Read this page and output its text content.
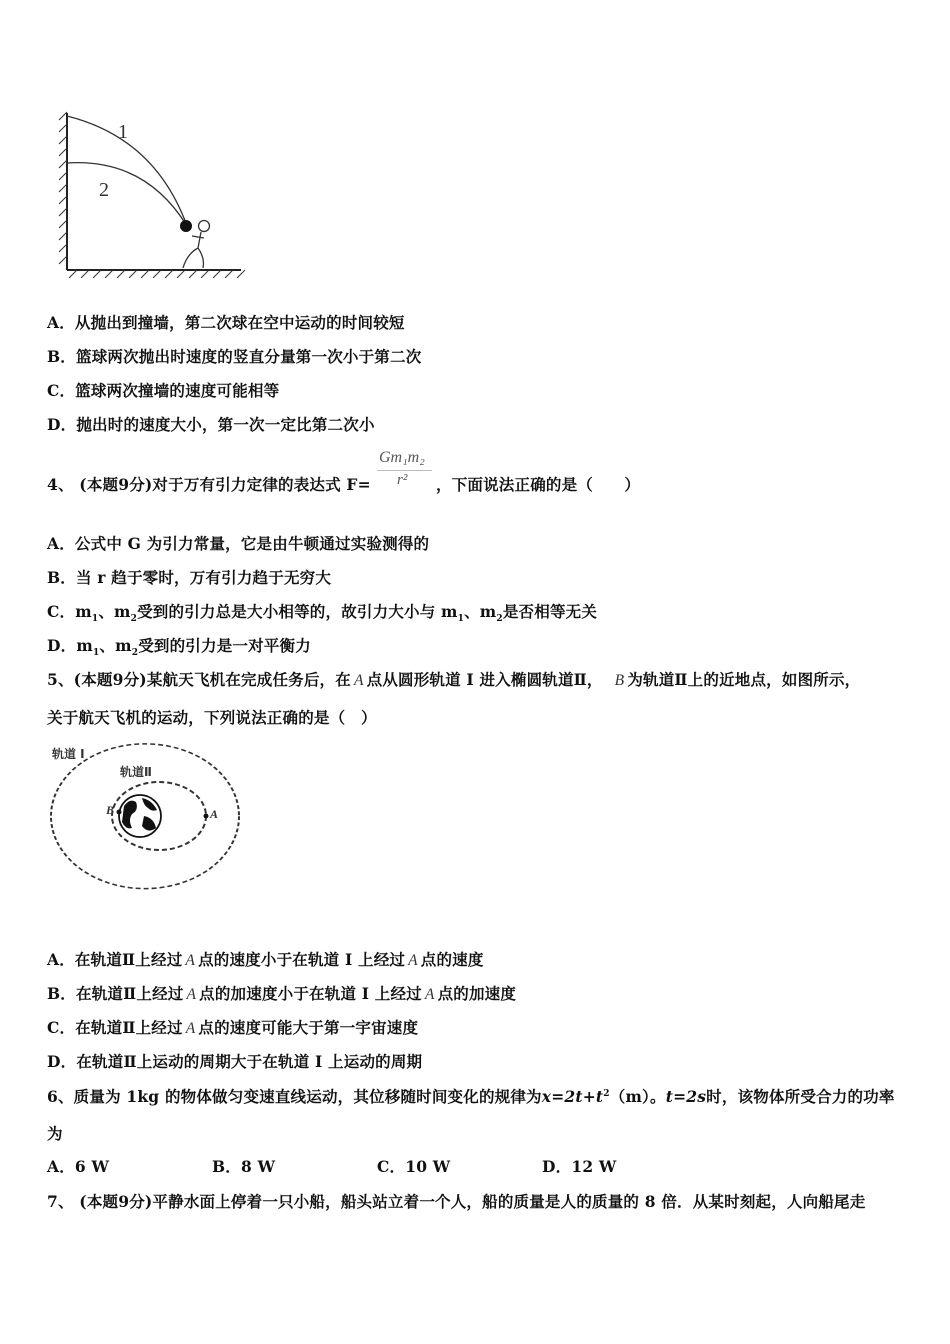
1
2
A．从抛出到撞墙，第二次球在空中运动的时间较短
B．篮球两次抛出时速度的竖直分量第一次小于第二次
C．篮球两次撞墙的速度可能相等
D．抛出时的速度大小，第一次一定比第二次小
4、 (本题9分)对于万有引力定律的表达式 F=
Gm₁m₂
r² ，下面说法正确的是（　　）
A．公式中 G 为引力常量，它是由牛顿通过实验测得的
B．当 r 趋于零时，万有引力趋于无穷大
C．$m_1$、$m_2$受到的引力总是大小相等的，故引力大小与 $m_1$、$m_2$是否相等无关
D．$m_1$、$m_2$受到的引力是一对平衡力
5、(本题9分)某航天飞机在完成任务后，在 A 点从圆形轨道 I 进入椭圆轨道Ⅱ， B 为轨道Ⅱ上的近地点，如图所示，
关于航天飞机的运动，下列说法正确的是（　）
轨道 I
轨道Ⅱ
A
B
A．在轨道Ⅱ上经过 A 点的速度小于在轨道 I 上经过 A 点的速度
B．在轨道Ⅱ上经过 A 点的加速度小于在轨道 I 上经过 A 点的加速度
C．在轨道Ⅱ上经过 A 点的速度可能大于第一宇宙速度
D．在轨道Ⅱ上运动的周期大于在轨道 I 上运动的周期
6、质量为 1kg 的物体做匀变速直线运动，其位移随时间变化的规律为$x=2t+t^2(m)$。t=2s时，该物体所受合力的功率
为
A．6 W	B．8 W	C．10 W	D．12 W
7、 (本题9分)平静水面上停着一只小船，船头站立着一个人，船的质量是人的质量的 8 倍．从某时刻起，人向船尾走
